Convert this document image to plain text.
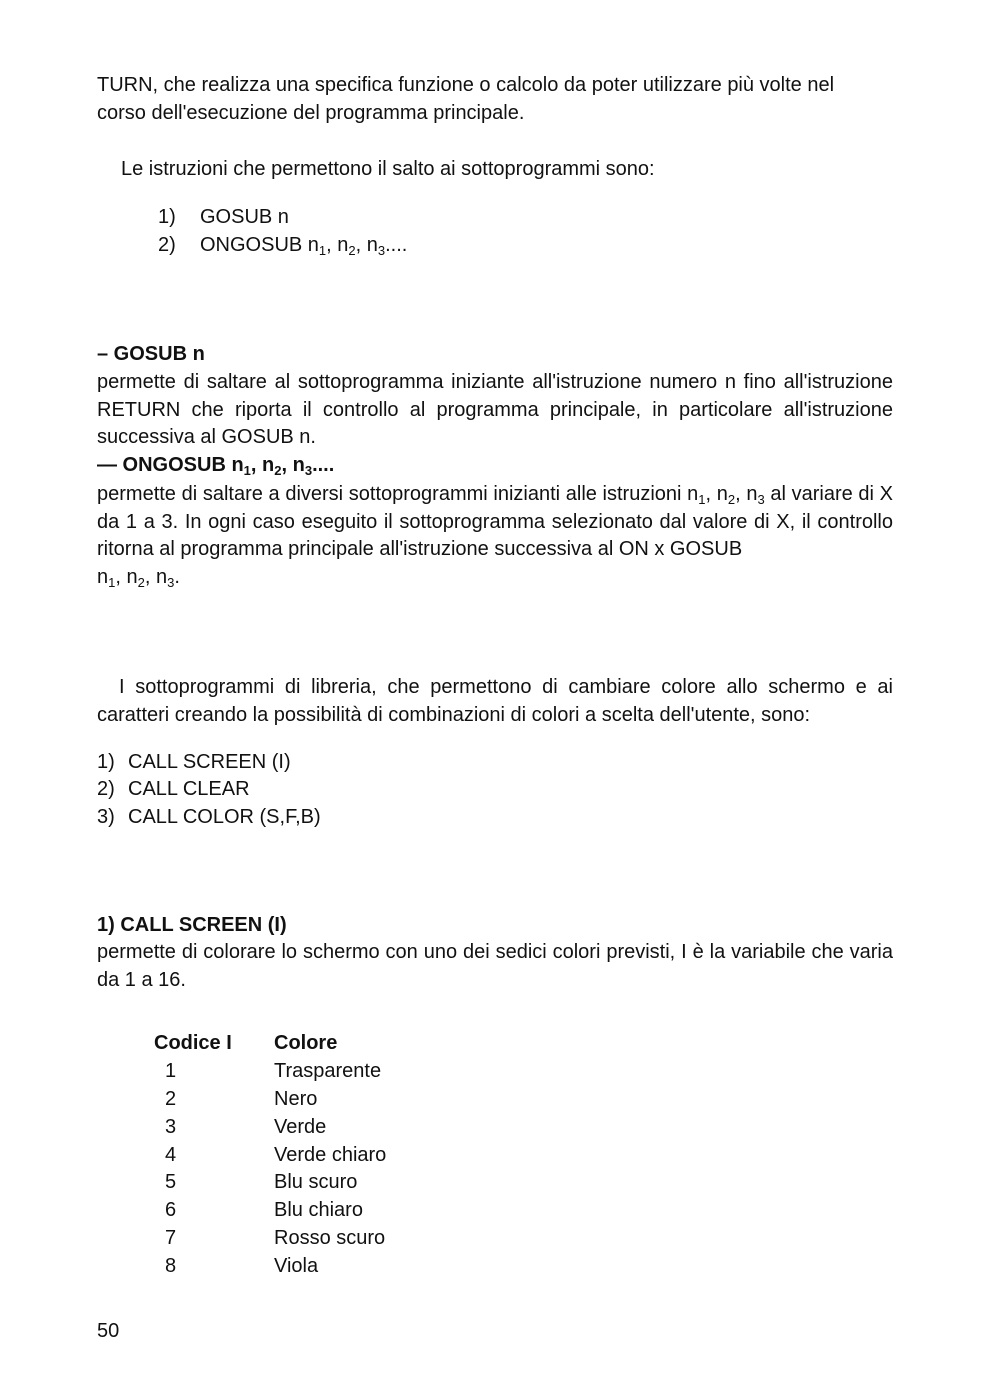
TURN, che realizza una specifica funzione o calcolo da poter utilizzare più volte nel
corso dell'esecuzione del programma principale.

Le istruzioni che permettono il salto ai sottoprogrammi sono:

1) GOSUB n
2) ONGOSUB $n_1$, $n_2$, $n_3$....
– GOSUB n

permette di saltare al sottoprogramma iniziante all'istruzione numero n fino all'istruzione RETURN che riporta il controllo al programma principale, in particolare all'istruzione successiva al GOSUB n.

— ONGOSUB $n_1$, $n_2$, $n_3$....

permette di saltare a diversi sottoprogrammi inizianti alle istruzioni $n_1$, $n_2$, $n_3$ al variare di X da 1 a 3. In ogni caso eseguito il sottoprogramma selezionato dal valore di X, il controllo ritorna al programma principale all'istruzione successiva al ON x GOSUB
$n_1$, $n_2$, $n_3$.

I sottoprogrammi di libreria, che permettono di cambiare colore allo schermo e ai caratteri creando la possibilità di combinazioni di colori a scelta dell'utente, sono:

1) CALL SCREEN (I)
2) CALL CLEAR
3) CALL COLOR (S,F,B)
1) CALL SCREEN (I)

permette di colorare lo schermo con uno dei sedici colori previsti, I è la variabile che varia da 1 a 16.

Codice I	Colore
1	Trasparente
2	Nero
3	Verde
4	Verde chiaro
5	Blu scuro
6	Blu chiaro
7	Rosso scuro
8	Viola
50
